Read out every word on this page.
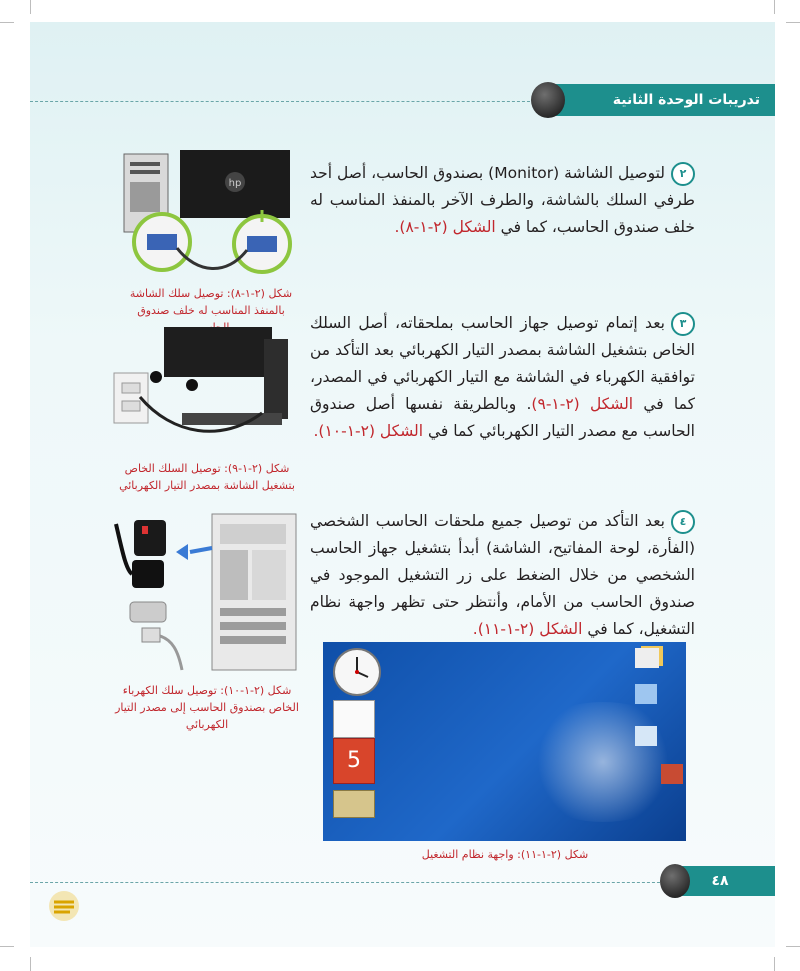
تدريبات الوحدة الثانية
٢لتوصيل الشاشة (Monitor) بصندوق الحاسب، أصل أحد طرفي السلك بالشاشة، والطرف الآخر بالمنفذ المناسب له خلف صندوق الحاسب، كما في الشكل (٢-١-٨).
hp
شكل (٢-١-٨): توصيل سلك الشاشة بالمنفذ المناسب له خلف صندوق
٣بعد إتمام توصيل جهاز الحاسب بملحقاته، أصل السلك الخاص بتشغيل الشاشة بمصدر التيار الكهربائي بعد التأكد من توافقية الكهرباء في الشاشة مع التيار الكهربائي في المصدر، كما في الشكل (٢-١-٩). وبالطريقة نفسها أصل صندوق الحاسب مع مصدر التيار الكهربائي كما في الشكل (٢-١-١٠).
شكل (٢-١-٩): توصيل السلك الخاص بتشغيل الشاشة بمصدر التيار الكهربائي
٤بعد التأكد من توصيل جميع ملحقات الحاسب الشخصي (الفأرة، لوحة المفاتيح، الشاشة) أبدأ بتشغيل جهاز الحاسب الشخصي من خلال الضغط على زر التشغيل الموجود في صندوق الحاسب من الأمام، وأنتظر حتى تظهر واجهة نظام التشغيل، كما في الشكل (٢-١-١١).
شكل (٢-١-١٠): توصيل سلك الكهرباء الخاص بصندوق الحاسب إلى مصدر التيار الكهربائي
5
شكل (٢-١-١١): واجهة نظام التشغيل
٤٨
